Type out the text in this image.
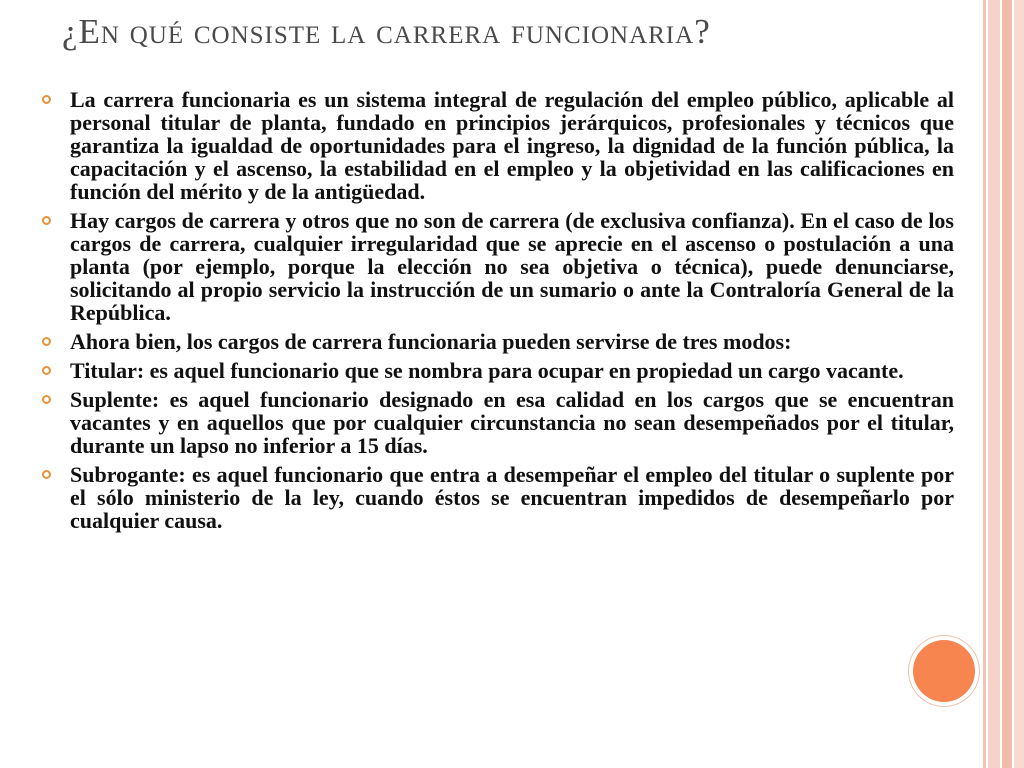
¿En qué consiste la carrera funcionaria?
La carrera funcionaria es un sistema integral de regulación del empleo público, aplicable al personal titular de planta, fundado en principios jerárquicos, profesionales y técnicos que garantiza la igualdad de oportunidades para el ingreso, la dignidad de la función pública, la capacitación y el ascenso, la estabilidad en el empleo y la objetividad en las calificaciones en función del mérito y de la antigüedad.
Hay cargos de carrera y otros que no son de carrera (de exclusiva confianza). En el caso de los cargos de carrera, cualquier irregularidad que se aprecie en el ascenso o postulación a una planta (por ejemplo, porque la elección no sea objetiva o técnica), puede denunciarse, solicitando al propio servicio la instrucción de un sumario o ante la Contraloría General de la República.
Ahora bien, los cargos de carrera funcionaria pueden servirse de tres modos:
Titular: es aquel funcionario que se nombra para ocupar en propiedad un cargo vacante.
Suplente: es aquel funcionario designado en esa calidad en los cargos que se encuentran vacantes y en aquellos que por cualquier circunstancia no sean desempeñados por el titular, durante un lapso no inferior a 15 días.
Subrogante: es aquel funcionario que entra a desempeñar el empleo del titular o suplente por el sólo ministerio de la ley, cuando éstos se encuentran impedidos de desempeñarlo por cualquier causa.
